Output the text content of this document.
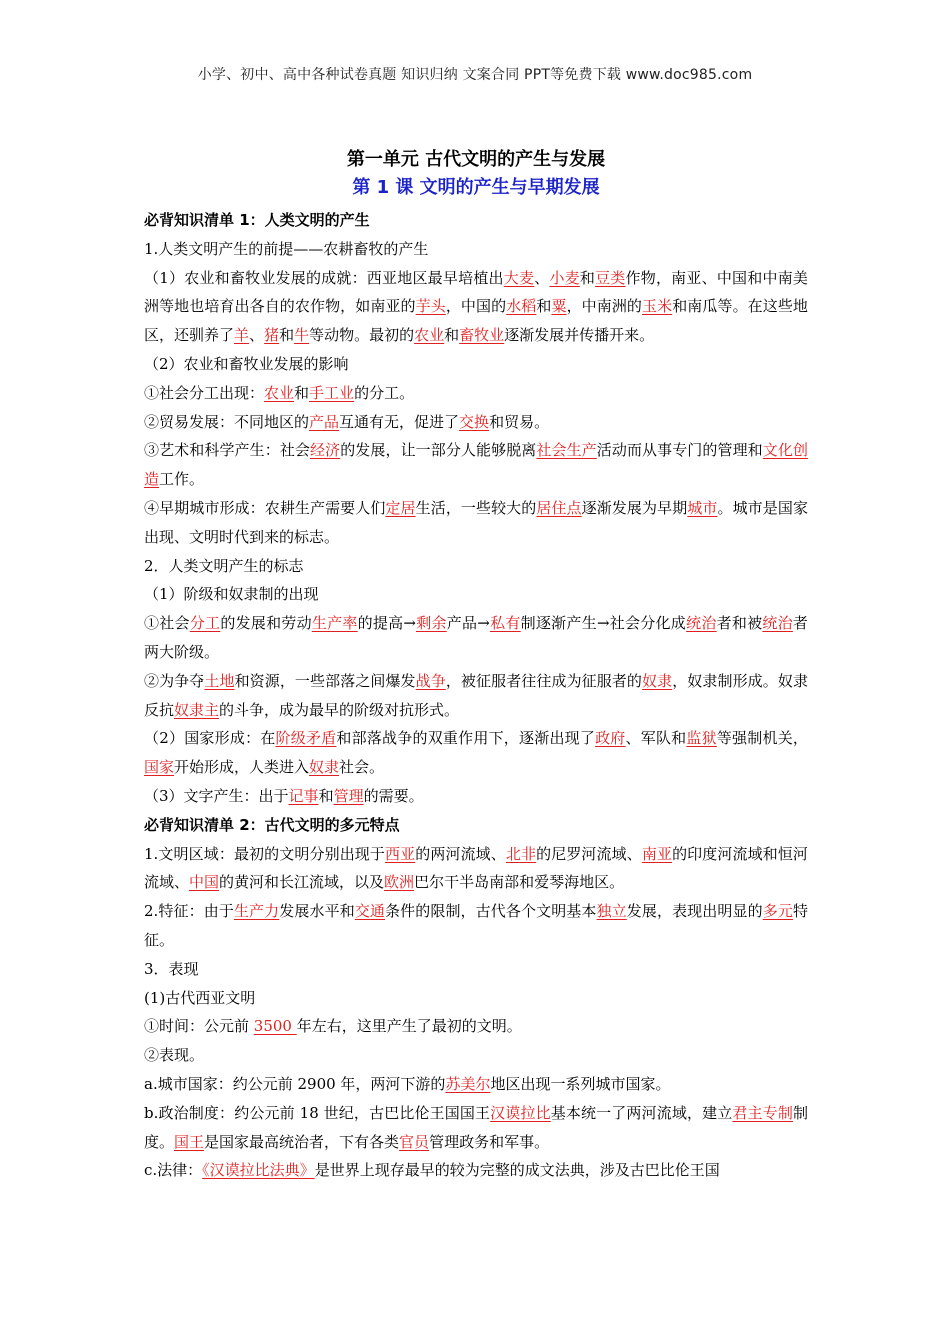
小学、初中、高中各种试卷真题 知识归纳 文案合同 PPT等免费下载 www.doc985.com
第一单元 古代文明的产生与发展
第 1 课 文明的产生与早期发展

必背知识清单 1：人类文明的产生

1.人类文明产生的前提——农耕畜牧的产生

（1）农业和畜牧业发展的成就：西亚地区最早培植出大麦、小麦和豆类作物，南亚、中国和中南美洲等地也培育出各自的农作物，如南亚的芋头，中国的水稻和粟，中南洲的玉米和南瓜等。在这些地区，还驯养了羊、猪和牛等动物。最初的农业和畜牧业逐渐发展并传播开来。

（2）农业和畜牧业发展的影响

①社会分工出现：农业和手工业的分工。

②贸易发展：不同地区的产品互通有无，促进了交换和贸易。

③艺术和科学产生：社会经济的发展，让一部分人能够脱离社会生产活动而从事专门的管理和文化创造工作。

④早期城市形成：农耕生产需要人们定居生活，一些较大的居住点逐渐发展为早期城市。城市是国家出现、文明时代到来的标志。

2．人类文明产生的标志

（1）阶级和奴隶制的出现

①社会分工的发展和劳动生产率的提高→剩余产品→私有制逐渐产生→社会分化成统治者和被统治者两大阶级。

②为争夺土地和资源，一些部落之间爆发战争，被征服者往往成为征服者的奴隶，奴隶制形成。奴隶反抗奴隶主的斗争，成为最早的阶级对抗形式。

（2）国家形成：在阶级矛盾和部落战争的双重作用下，逐渐出现了政府、军队和监狱等强制机关，国家开始形成，人类进入奴隶社会。

（3）文字产生：出于记事和管理的需要。

必背知识清单 2：古代文明的多元特点

1.文明区域：最初的文明分别出现于西亚的两河流域、北非的尼罗河流域、南亚的印度河流域和恒河流域、中国的黄河和长江流域，以及欧洲巴尔干半岛南部和爱琴海地区。

2.特征：由于生产力发展水平和交通条件的限制，古代各个文明基本独立发展，表现出明显的多元特征。

3．表现

(1)古代西亚文明

①时间：公元前 3500 年左右，这里产生了最初的文明。

②表现。

a.城市国家：约公元前 2900 年，两河下游的苏美尔地区出现一系列城市国家。

b.政治制度：约公元前 18 世纪，古巴比伦王国国王汉谟拉比基本统一了两河流域，建立君主专制制度。国王是国家最高统治者，下有各类官员管理政务和军事。

c.法律：《汉谟拉比法典》是世界上现存最早的较为完整的成文法典，涉及古巴比伦王国
